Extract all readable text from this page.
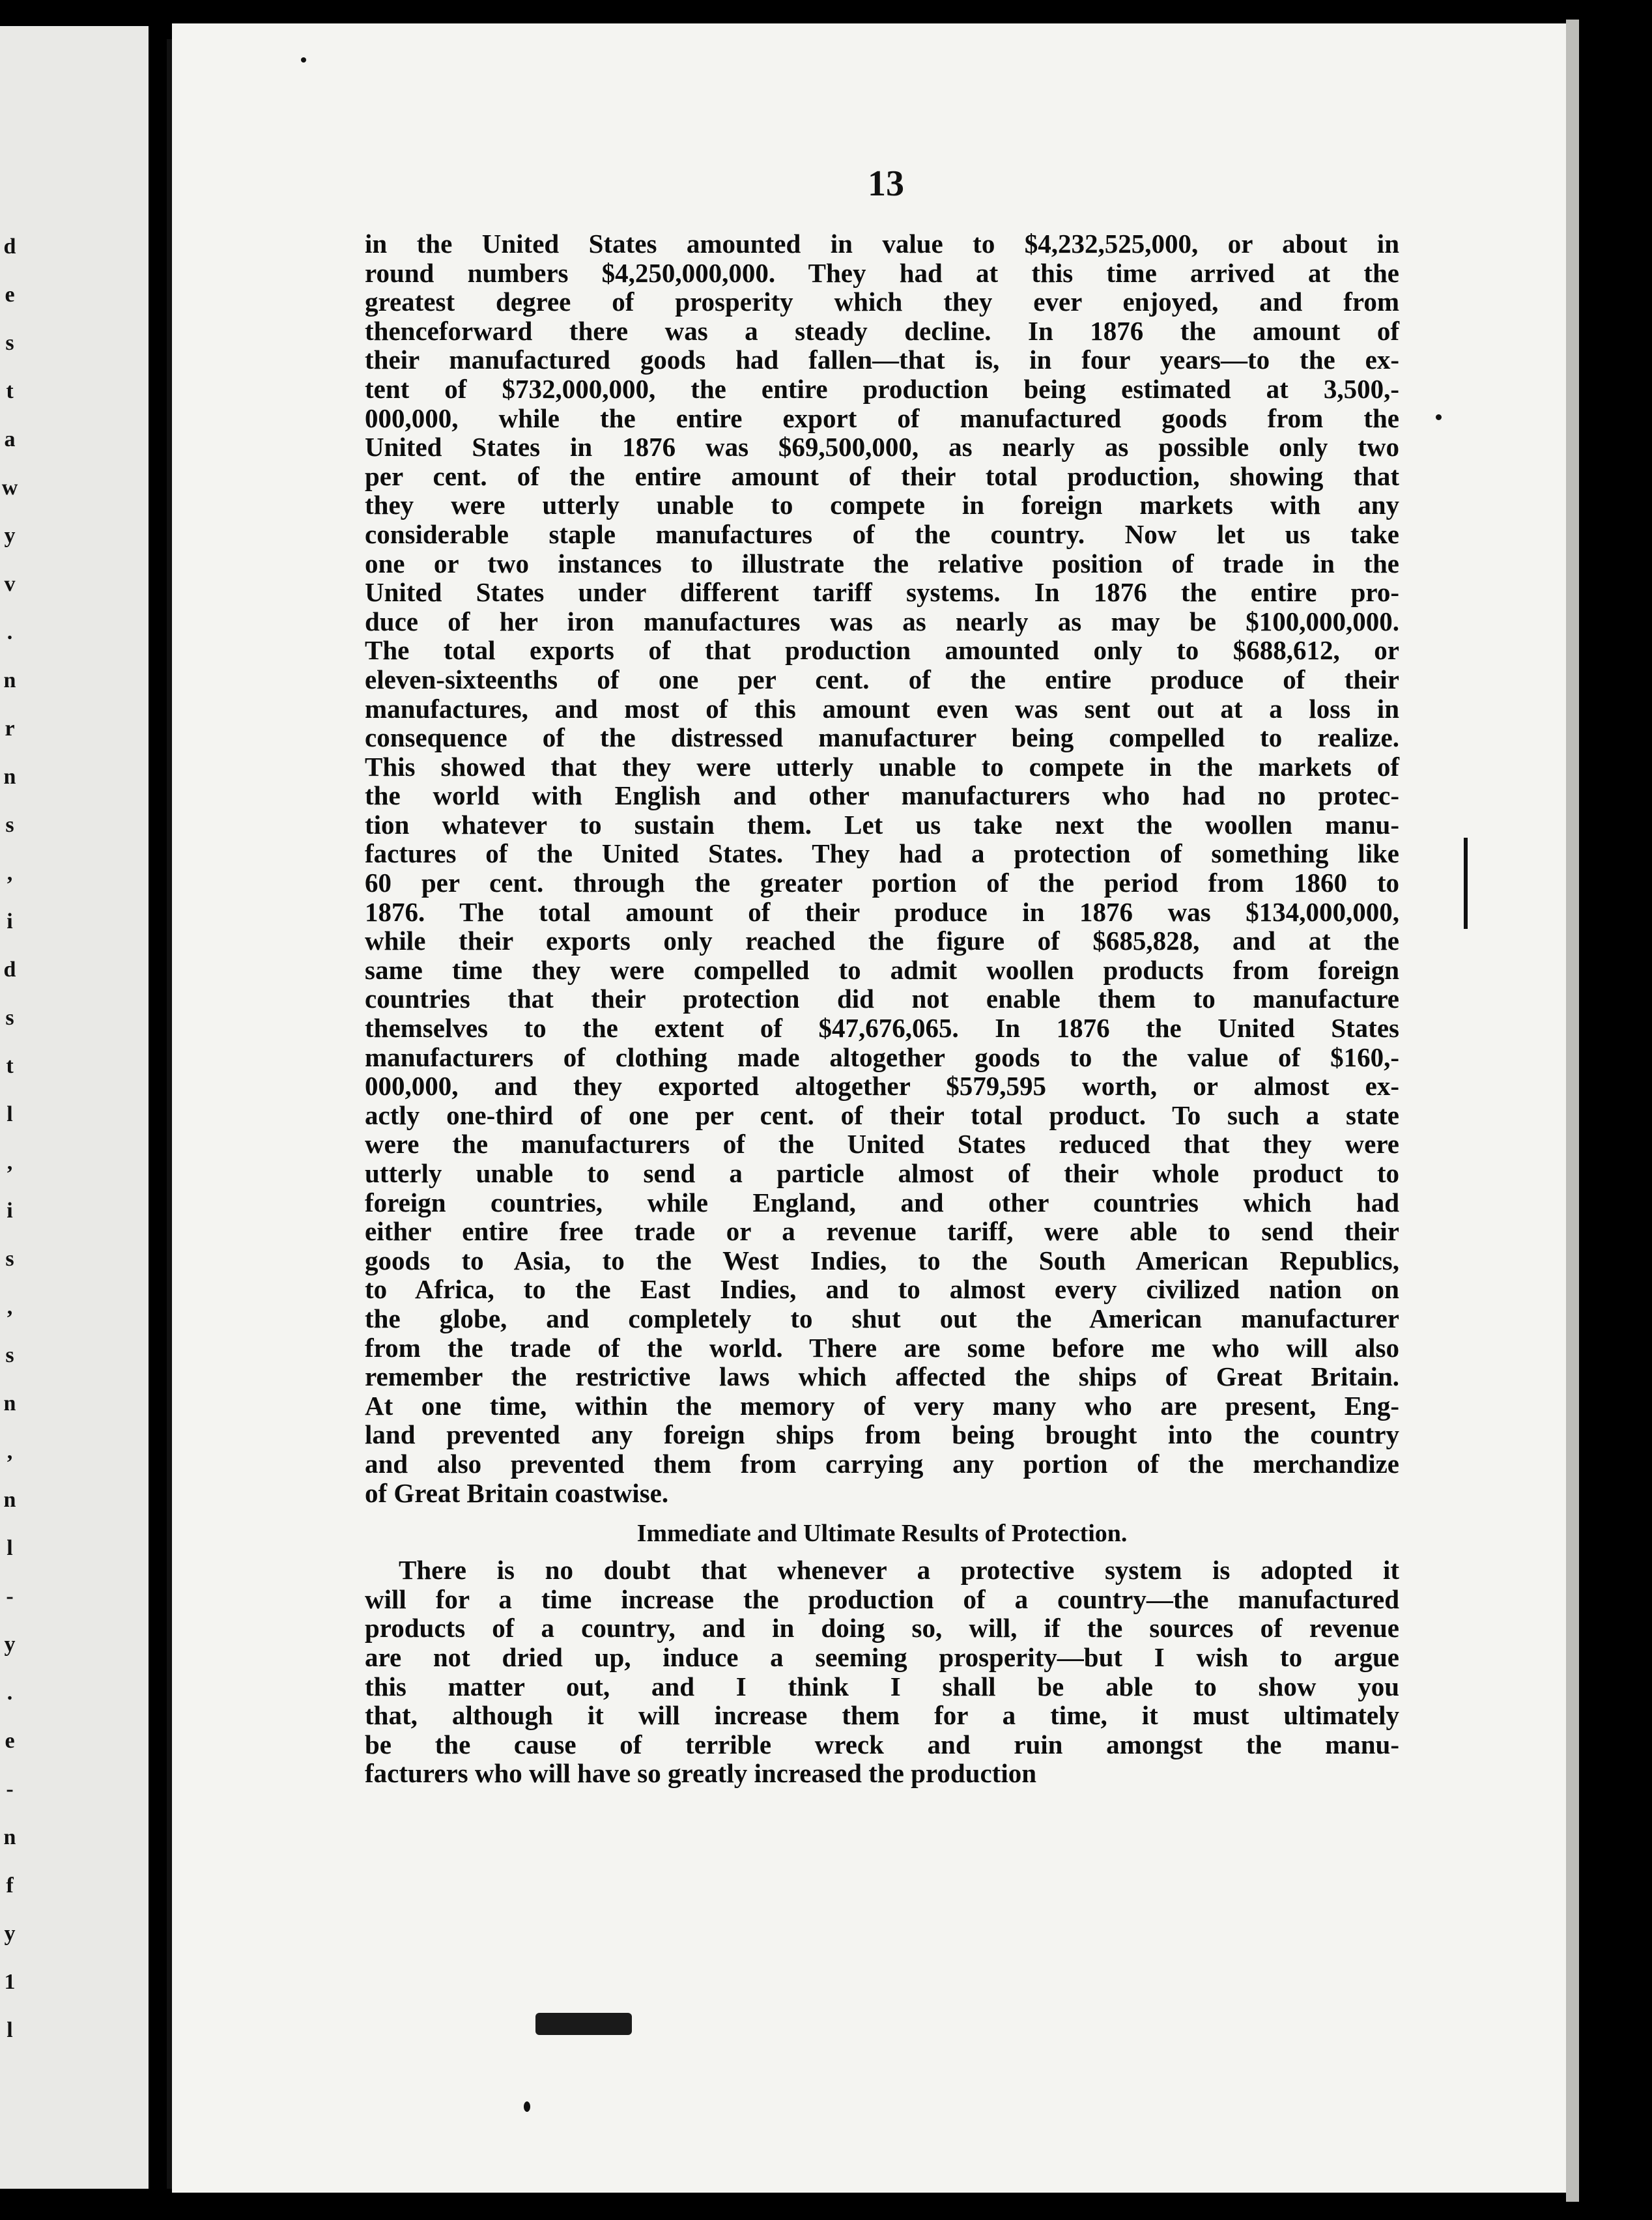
d
e
s
t
a
w
y
v
.
n
r
n
s
,
i
d
s
t
l
,
i
s
,
s
n
,
n
l
-
y
.
e
-
n
f
y
1
l
13
in the United States amounted in value to $4,232,525,000, or about in
round numbers $4,250,000,000. They had at this time arrived at the
greatest degree of prosperity which they ever enjoyed, and from
thenceforward there was a steady decline. In 1876 the amount of
their manufactured goods had fallen—that is, in four years—to the ex-
tent of $732,000,000, the entire production being estimated at 3,500,-
000,000, while the entire export of manufactured goods from the
United States in 1876 was $69,500,000, as nearly as possible only two
per cent. of the entire amount of their total production, showing that
they were utterly unable to compete in foreign markets with any
considerable staple manufactures of the country. Now let us take
one or two instances to illustrate the relative position of trade in the
United States under different tariff systems. In 1876 the entire pro-
duce of her iron manufactures was as nearly as may be $100,000,000.
The total exports of that production amounted only to $688,612, or
eleven-sixteenths of one per cent. of the entire produce of their
manufactures, and most of this amount even was sent out at a loss in
consequence of the distressed manufacturer being compelled to realize.
This showed that they were utterly unable to compete in the markets of
the world with English and other manufacturers who had no protec-
tion whatever to sustain them. Let us take next the woollen manu-
factures of the United States. They had a protection of something like
60 per cent. through the greater portion of the period from 1860 to
1876. The total amount of their produce in 1876 was $134,000,000,
while their exports only reached the figure of $685,828, and at the
same time they were compelled to admit woollen products from foreign
countries that their protection did not enable them to manufacture
themselves to the extent of $47,676,065. In 1876 the United States
manufacturers of clothing made altogether goods to the value of $160,-
000,000, and they exported altogether $579,595 worth, or almost ex-
actly one-third of one per cent. of their total product. To such a state
were the manufacturers of the United States reduced that they were
utterly unable to send a particle almost of their whole product to
foreign countries, while England, and other countries which had
either entire free trade or a revenue tariff, were able to send their
goods to Asia, to the West Indies, to the South American Republics,
to Africa, to the East Indies, and to almost every civilized nation on
the globe, and completely to shut out the American manufacturer
from the trade of the world. There are some before me who will also
remember the restrictive laws which affected the ships of Great Britain.
At one time, within the memory of very many who are present, Eng-
land prevented any foreign ships from being brought into the country
and also prevented them from carrying any portion of the merchandize
of Great Britain coastwise.
Immediate and Ultimate Results of Protection.
There is no doubt that whenever a protective system is adopted it
will for a time increase the production of a country—the manufactured
products of a country, and in doing so, will, if the sources of revenue
are not dried up, induce a seeming prosperity—but I wish to argue
this matter out, and I think I shall be able to show you
that, although it will increase them for a time, it must ultimately
be the cause of terrible wreck and ruin amongst the manu-
facturers who will have so greatly increased the production
